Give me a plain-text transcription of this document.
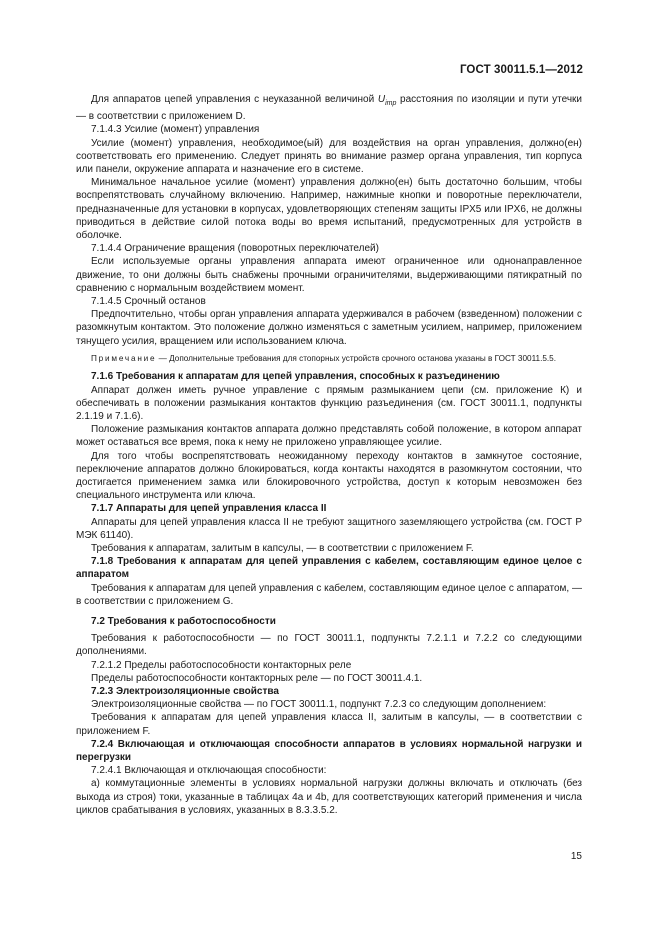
ГОСТ 30011.5.1—2012

Для аппаратов цепей управления с неуказанной величиной $U_{imp}$ расстояния по изоляции и пути утечки — в соответствии с приложением D.

7.1.4.3 Усилие (момент) управления

Усилие (момент) управления, необходимое(ый) для воздействия на орган управления, должно(ен) соответствовать его применению. Следует принять во внимание размер органа управления, тип корпуса или панели, окружение аппарата и назначение его в системе.

Минимальное начальное усилие (момент) управления должно(ен) быть достаточно большим, чтобы воспрепятствовать случайному включению. Например, нажимные кнопки и поворотные переключатели, предназначенные для установки в корпусах, удовлетворяющих степеням защиты IPX5 или IPX6, не должны приводиться в действие силой потока воды во время испытаний, предусмотренных для устройств в оболочке.

7.1.4.4 Ограничение вращения (поворотных переключателей)

Если используемые органы управления аппарата имеют ограниченное или однонаправленное движение, то они должны быть снабжены прочными ограничителями, выдерживающими пятикратный по сравнению с нормальным воздействием момент.

7.1.4.5 Срочный останов

Предпочтительно, чтобы орган управления аппарата удерживался в рабочем (взведенном) положении с разомкнутым контактом. Это положение должно изменяться с заметным усилием, например, приложением тянущего усилия, вращением или использованием ключа.

Примечание — Дополнительные требования для стопорных устройств срочного останова указаны в ГОСТ 30011.5.5.

7.1.6 Требования к аппаратам для цепей управления, способных к разъединению

Аппарат должен иметь ручное управление с прямым размыканием цепи (см. приложение К) и обеспечивать в положении размыкания контактов функцию разъединения (см. ГОСТ 30011.1, подпункты 2.1.19 и 7.1.6).

Положение размыкания контактов аппарата должно представлять собой положение, в котором аппарат может оставаться все время, пока к нему не приложено управляющее усилие.

Для того чтобы воспрепятствовать неожиданному переходу контактов в замкнутое состояние, переключение аппаратов должно блокироваться, когда контакты находятся в разомкнутом состоянии, что достигается применением замка или блокировочного устройства, доступ к которым невозможен без специального инструмента или ключа.

7.1.7 Аппараты для цепей управления класса II

Аппараты для цепей управления класса II не требуют защитного заземляющего устройства (см. ГОСТ Р МЭК 61140).

Требования к аппаратам, залитым в капсулы, — в соответствии с приложением F.

7.1.8 Требования к аппаратам для цепей управления с кабелем, составляющим единое целое с аппаратом

Требования к аппаратам для цепей управления с кабелем, составляющим единое целое с аппаратом, — в соответствии с приложением G.

7.2 Требования к работоспособности

Требования к работоспособности — по ГОСТ 30011.1, подпункты 7.2.1.1 и 7.2.2 со следующими дополнениями.

7.2.1.2 Пределы работоспособности контакторных реле

Пределы работоспособности контакторных реле — по ГОСТ 30011.4.1.

7.2.3 Электроизоляционные свойства

Электроизоляционные свойства — по ГОСТ 30011.1, подпункт 7.2.3 со следующим дополнением:

Требования к аппаратам для цепей управления класса II, залитым в капсулы, — в соответствии с приложением F.

7.2.4 Включающая и отключающая способности аппаратов в условиях нормальной нагрузки и перегрузки

7.2.4.1 Включающая и отключающая способности:

а) коммутационные элементы в условиях нормальной нагрузки должны включать и отключать (без выхода из строя) токи, указанные в таблицах 4а и 4b, для соответствующих категорий применения и числа циклов срабатывания в условиях, указанных в 8.3.3.5.2.

15
